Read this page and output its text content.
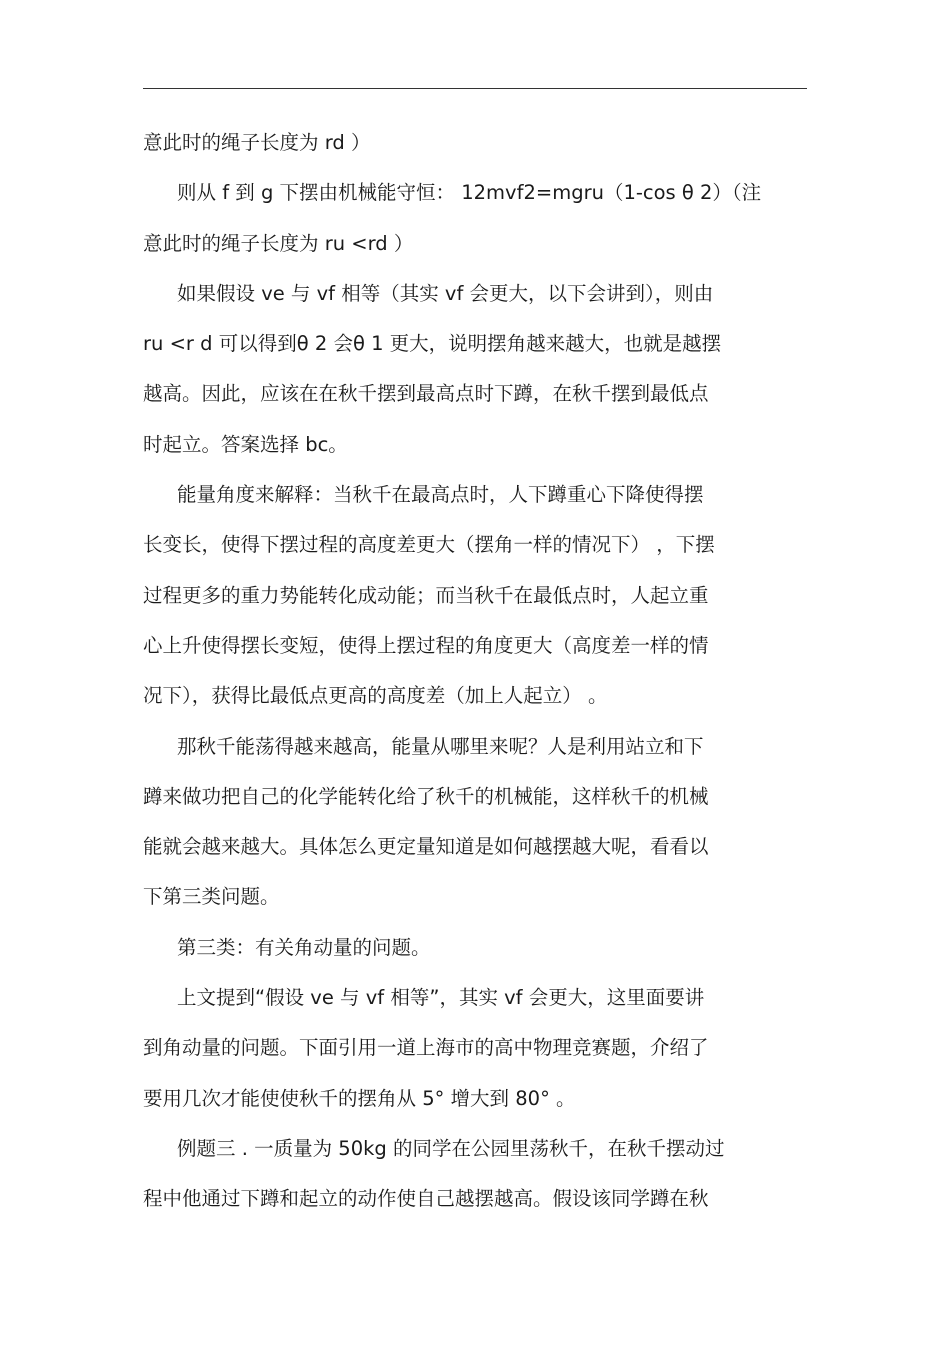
意此时的绳子长度为 rd ）
则从 f 到 g 下摆由机械能守恒： 12mvf2=mgru（1-cos θ 2）（注
意此时的绳子长度为 ru <rd ）
如果假设 ve 与 vf 相等（其实 vf 会更大，以下会讲到），则由
ru <r d 可以得到θ 2 会θ 1 更大，说明摆角越来越大，也就是越摆
越高。因此，应该在在秋千摆到最高点时下蹲，在秋千摆到最低点
时起立。答案选择 bc。
能量角度来解释：当秋千在最高点时，人下蹲重心下降使得摆
长变长，使得下摆过程的高度差更大（摆角一样的情况下） ，下摆
过程更多的重力势能转化成动能；而当秋千在最低点时，人起立重
心上升使得摆长变短，使得上摆过程的角度更大（高度差一样的情
况下），获得比最低点更高的高度差（加上人起立） 。
那秋千能荡得越来越高，能量从哪里来呢？人是利用站立和下
蹲来做功把自己的化学能转化给了秋千的机械能，这样秋千的机械
能就会越来越大。具体怎么更定量知道是如何越摆越大呢，看看以
下第三类问题。
第三类：有关角动量的问题。
上文提到“假设 ve 与 vf 相等”，其实 vf 会更大，这里面要讲
到角动量的问题。下面引用一道上海市的高中物理竞赛题，介绍了
要用几次才能使使秋千的摆角从 5° 增大到 80° 。
例题三 . 一质量为 50kg 的同学在公园里荡秋千，在秋千摆动过
程中他通过下蹲和起立的动作使自己越摆越高。假设该同学蹲在秋
